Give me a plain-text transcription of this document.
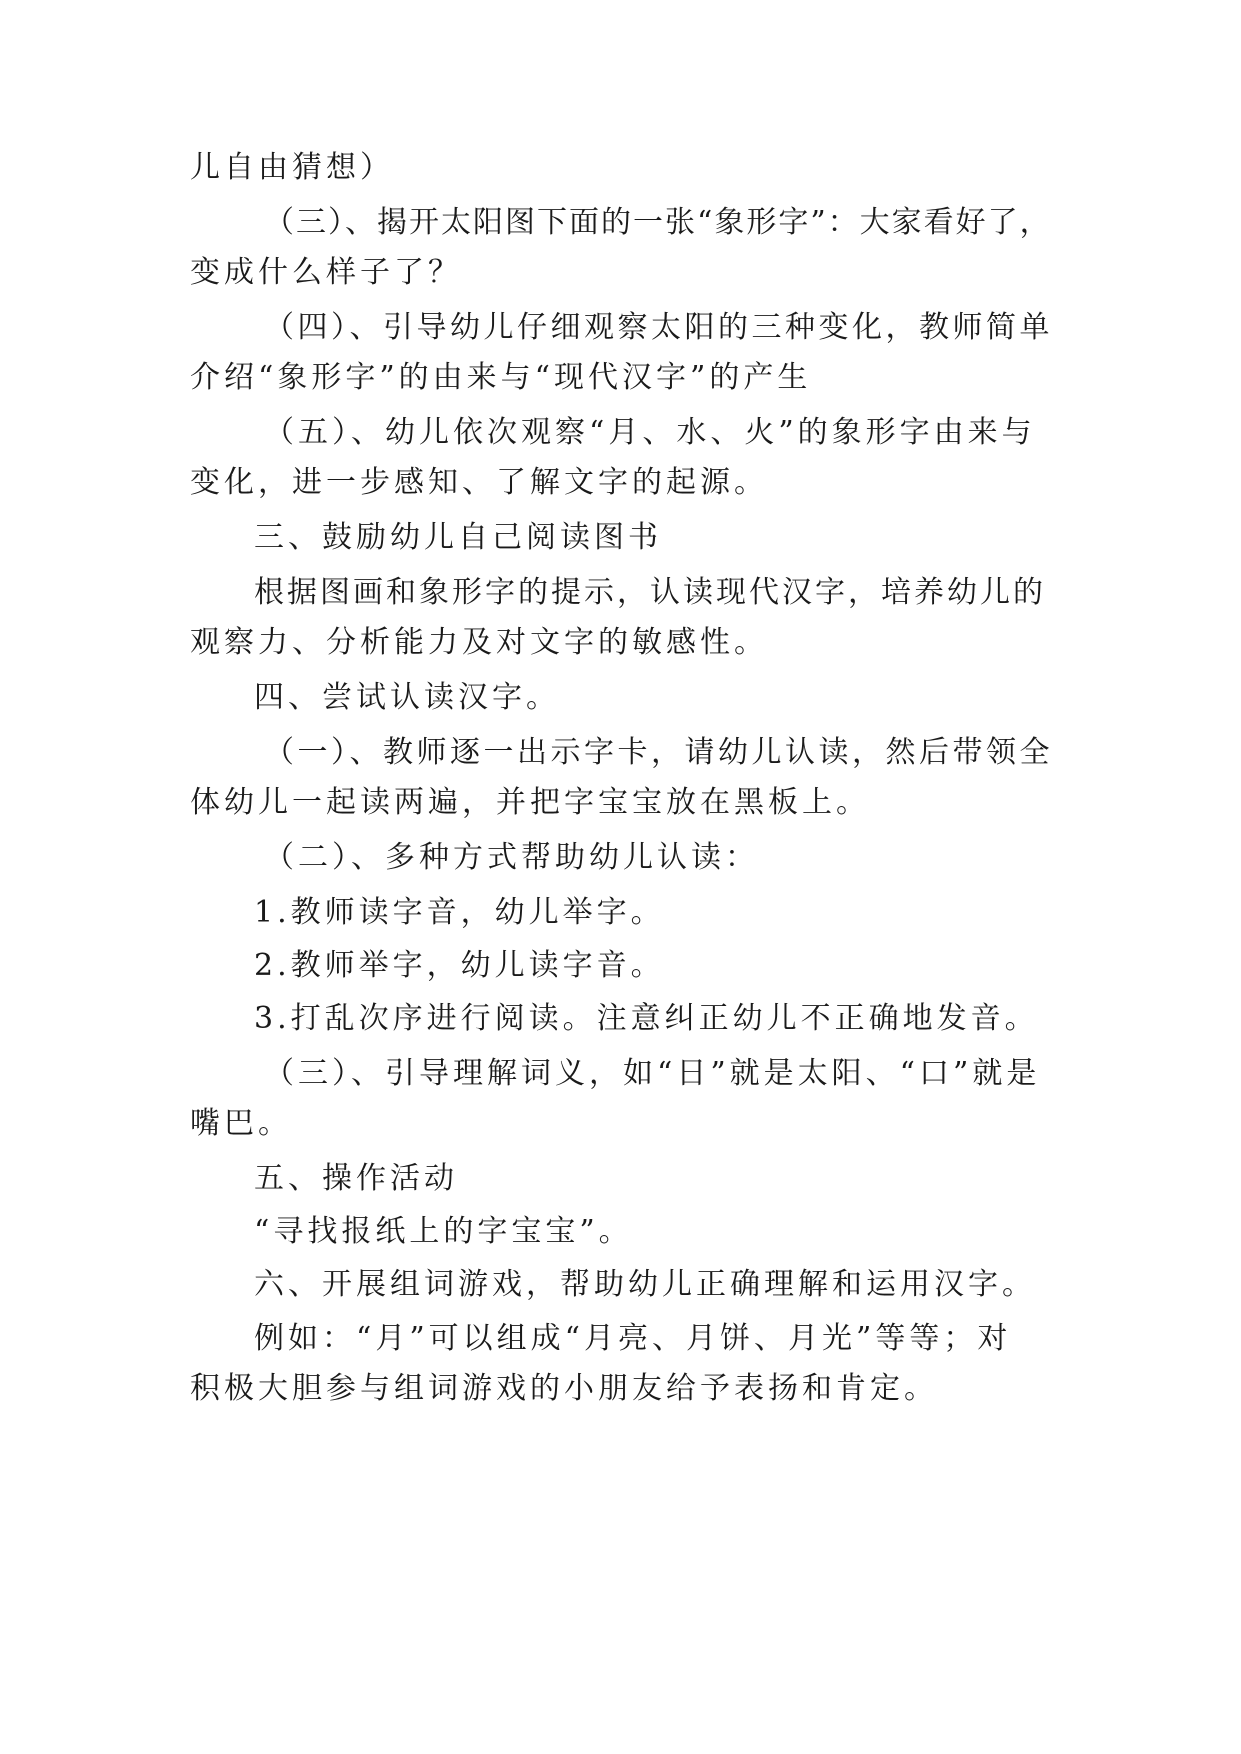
儿自由猜想）
（三）、揭开太阳图下面的一张“象形字”：大家看好了，
变成什么样子了？
（四）、引导幼儿仔细观察太阳的三种变化，教师简单
介绍“象形字”的由来与“现代汉字”的产生
（五）、幼儿依次观察“月、水、火”的象形字由来与
变化，进一步感知、了解文字的起源。
三、鼓励幼儿自己阅读图书
根据图画和象形字的提示，认读现代汉字，培养幼儿的
观察力、分析能力及对文字的敏感性。
四、尝试认读汉字。
（一）、教师逐一出示字卡，请幼儿认读，然后带领全
体幼儿一起读两遍，并把字宝宝放在黑板上。
（二）、多种方式帮助幼儿认读：
1.教师读字音，幼儿举字。
2.教师举字，幼儿读字音。
3.打乱次序进行阅读。注意纠正幼儿不正确地发音。
（三）、引导理解词义，如“日”就是太阳、“口”就是
嘴巴。
五、操作活动
“寻找报纸上的字宝宝”。
六、开展组词游戏，帮助幼儿正确理解和运用汉字。
例如：“月”可以组成“月亮、月饼、月光”等等；对
积极大胆参与组词游戏的小朋友给予表扬和肯定。
